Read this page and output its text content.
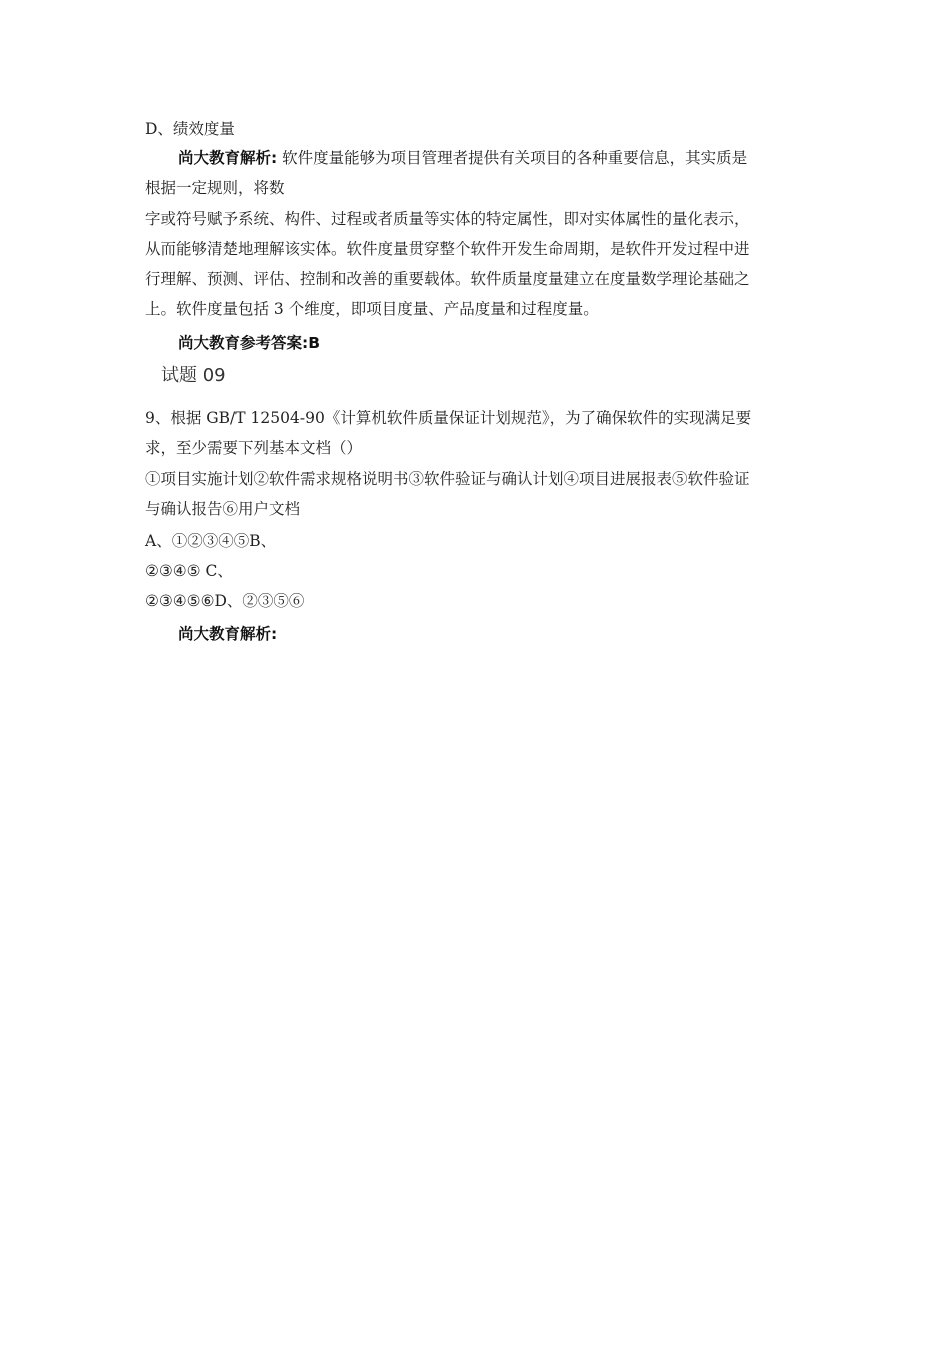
D、绩效度量
尚大教育解析: 软件度量能够为项目管理者提供有关项目的各种重要信息，其实质是
根据一定规则，将数
字或符号赋予系统、构件、过程或者质量等实体的特定属性，即对实体属性的量化表示，
从而能够清楚地理解该实体。软件度量贯穿整个软件开发生命周期，是软件开发过程中进
行理解、预测、评估、控制和改善的重要载体。软件质量度量建立在度量数学理论基础之
上。软件度量包括 3 个维度，即项目度量、产品度量和过程度量。
尚大教育参考答案:B
试题 09
9、根据 GB/T 12504-90《计算机软件质量保证计划规范》，为了确保软件的实现满足要
求，至少需要下列基本文档（）
①项目实施计划②软件需求规格说明书③软件验证与确认计划④项目进展报表⑤软件验证
与确认报告⑥用户文档
A、①②③④⑤B、
②③④⑤ C、
②③④⑤⑥D、②③⑤⑥
尚大教育解析:
